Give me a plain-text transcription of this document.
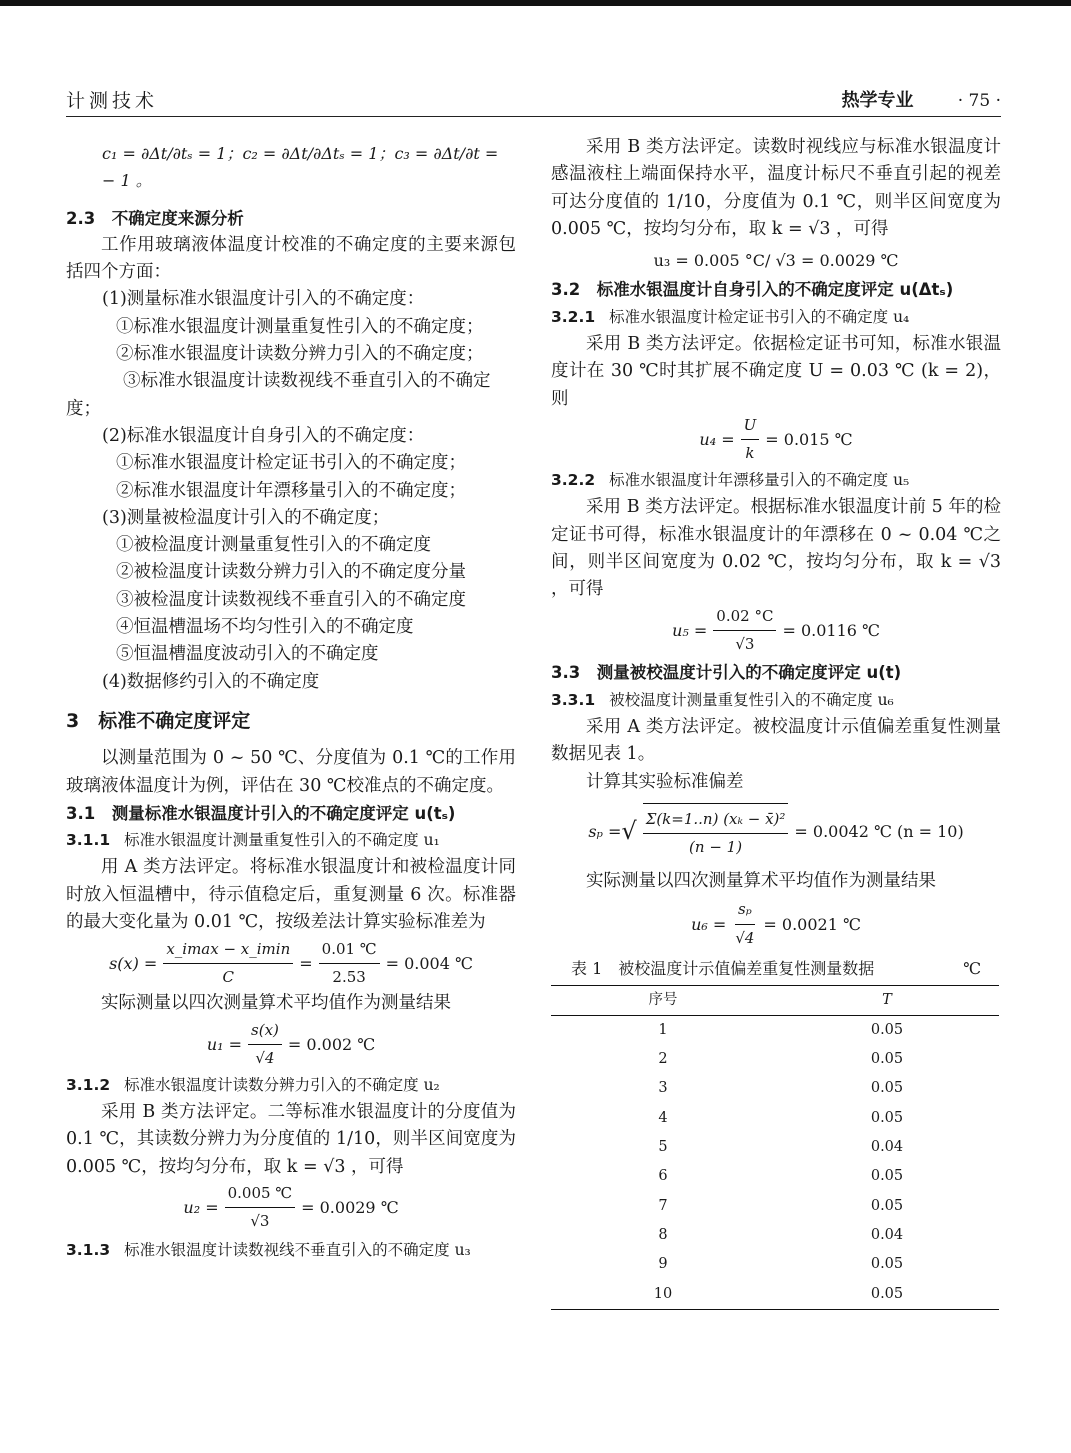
计测技术	热学专业	· 75 ·

c₁ = ∂Δt/∂tₛ = 1；c₂ = ∂Δt/∂Δtₛ = 1；c₃ = ∂Δt/∂t = − 1 。

2.3　不确定度来源分析

工作用玻璃液体温度计校准的不确定度的主要来源包括四个方面：

(1)测量标准水银温度计引入的不确定度：

①标准水银温度计测量重复性引入的不确定度；

②标准水银温度计读数分辨力引入的不确定度；

③标准水银温度计读数视线不垂直引入的不确定度；

(2)标准水银温度计自身引入的不确定度：

①标准水银温度计检定证书引入的不确定度；

②标准水银温度计年漂移量引入的不确定度；

(3)测量被检温度计引入的不确定度；

①被检温度计测量重复性引入的不确定度

②被检温度计读数分辨力引入的不确定度分量

③被检温度计读数视线不垂直引入的不确定度

④恒温槽温场不均匀性引入的不确定度

⑤恒温槽温度波动引入的不确定度

(4)数据修约引入的不确定度

3　标准不确定度评定

以测量范围为 0 ~ 50 ℃、分度值为 0.1 ℃的工作用玻璃液体温度计为例，评估在 30 ℃校准点的不确定度。

3.1　测量标准水银温度计引入的不确定度评定 u(tₛ)

3.1.1 标准水银温度计测量重复性引入的不确定度 u₁

用 A 类方法评定。将标准水银温度计和被检温度计同时放入恒温槽中，待示值稳定后，重复测量 6 次。标准器的最大变化量为 0.01 ℃，按级差法计算实验标准差为

$s(x) = \frac{x\_imax - x\_imin}{C} = \frac{0.01 ℃}{2.53} = 0.004$ ℃

实际测量以四次测量算术平均值作为测量结果

$u_1 = \frac{s(x)}{√4} = 0.002$ ℃

3.1.2 标准水银温度计读数分辨力引入的不确定度 u₂

采用 B 类方法评定。二等标准水银温度计的分度值为 0.1 ℃，其读数分辨力为分度值的 1/10，则半区间宽度为 0.005 ℃，按均匀分布，取 k = √3 ，可得

$u_2 = \frac{0.005 ℃}{√3} = 0.0029$ ℃

3.1.3 标准水银温度计读数视线不垂直引入的不确定度 u₃

采用 B 类方法评定。读数时视线应与标准水银温度计感温液柱上端面保持水平，温度计标尺不垂直引起的视差可达分度值的 1/10，分度值为 0.1 ℃，则半区间宽度为 0.005 ℃，按均匀分布，取 k = √3 ，可得

u₃ = 0.005 °C/ √3 = 0.0029 ℃

3.2　标准水银温度计自身引入的不确定度评定 u(Δtₛ)

3.2.1 标准水银温度计检定证书引入的不确定度 u₄

采用 B 类方法评定。依据检定证书可知，标准水银温度计在 30 ℃时其扩展不确定度 U = 0.03 ℃ (k = 2)，则

$u_4 = \frac{U}{k} = 0.015$ ℃

3.2.2 标准水银温度计年漂移量引入的不确定度 u₅

采用 B 类方法评定。根据标准水银温度计前 5 年的检定证书可得，标准水银温度计的年漂移在 0 ~ 0.04 ℃之间，则半区间宽度为 0.02 ℃，按均匀分布，取 k = √3 ，可得

$u_5 = \frac{0.02 ^\circ C}{√3} = 0.0116$ ℃

3.3　测量被校温度计引入的不确定度评定 u(t)

3.3.1 被校温度计测量重复性引入的不确定度 u₆

采用 A 类方法评定。被校温度计示值偏差重复性测量数据见表 1。

计算其实验标准偏差

sₚ = √ $\frac{\text{Σ(k=1..n) (xₖ − x̄)²}}{(n - 1)} = 0.0042$ ℃ (n = 10)

实际测量以四次测量算术平均值作为测量结果

$u_6 = \frac{\text{sₚ}}{√4} = 0.0021$ ℃

表 1　被校温度计示值偏差重复性测量数据	℃

序号	T
1	0.05
2	0.05
3	0.05
4	0.05
5	0.04
6	0.05
7	0.05
8	0.04
9	0.05
10	0.05
